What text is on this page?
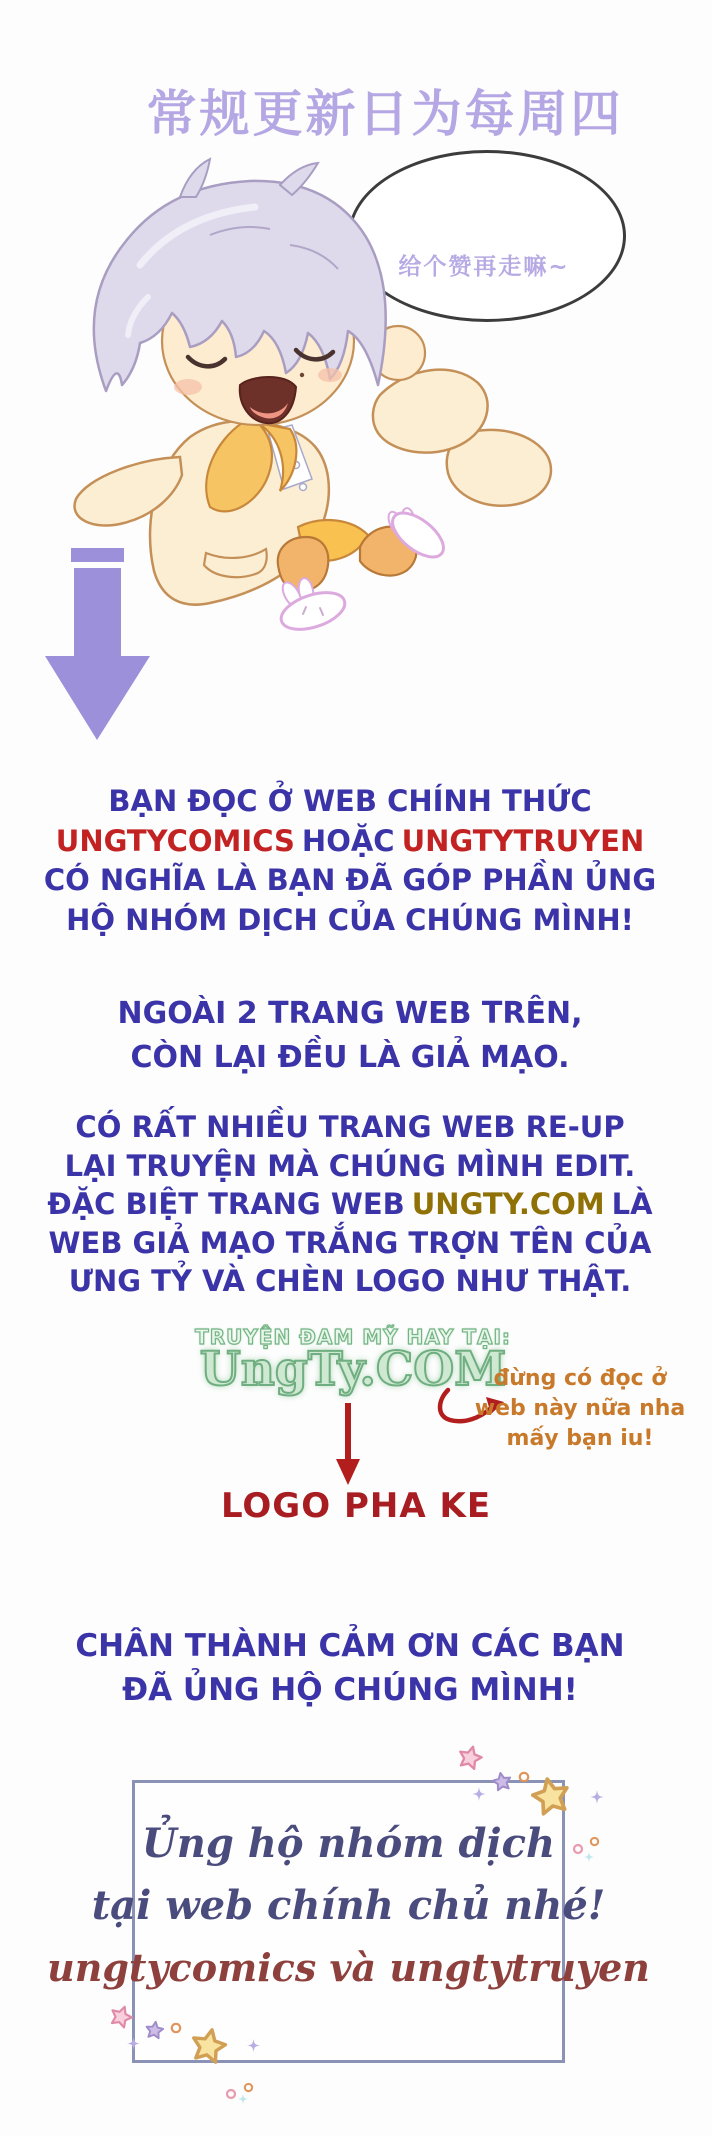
常规更新日为每周四
给个赞再走嘛~
BẠN ĐỌC Ở WEB CHÍNH THỨC
UNGTYCOMICS HOẶC UNGTYTRUYEN
CÓ NGHĨA LÀ BẠN ĐÃ GÓP PHẦN ỦNG
HỘ NHÓM DỊCH CỦA CHÚNG MÌNH!
NGOÀI 2 TRANG WEB TRÊN,
CÒN LẠI ĐỀU LÀ GIẢ MẠO.
CÓ RẤT NHIỀU TRANG WEB RE-UP
LẠI TRUYỆN MÀ CHÚNG MÌNH EDIT.
ĐẶC BIỆT TRANG WEB UNGTY.COM LÀ
WEB GIẢ MẠO TRẮNG TRỢN TÊN CỦA
ƯNG TỶ VÀ CHÈN LOGO NHƯ THẬT.
TRUYỆN ĐAM MỸ HAY TẠI:
UngTy.COM
LOGO PHA KE
đừng có đọc ở
web này nữa nha
mấy bạn iu!
CHÂN THÀNH CẢM ƠN CÁC BẠN
ĐÃ ỦNG HỘ CHÚNG MÌNH!
Ủng hộ nhóm dịch
tại web chính chủ nhé!
ungtycomics và ungtytruyen
